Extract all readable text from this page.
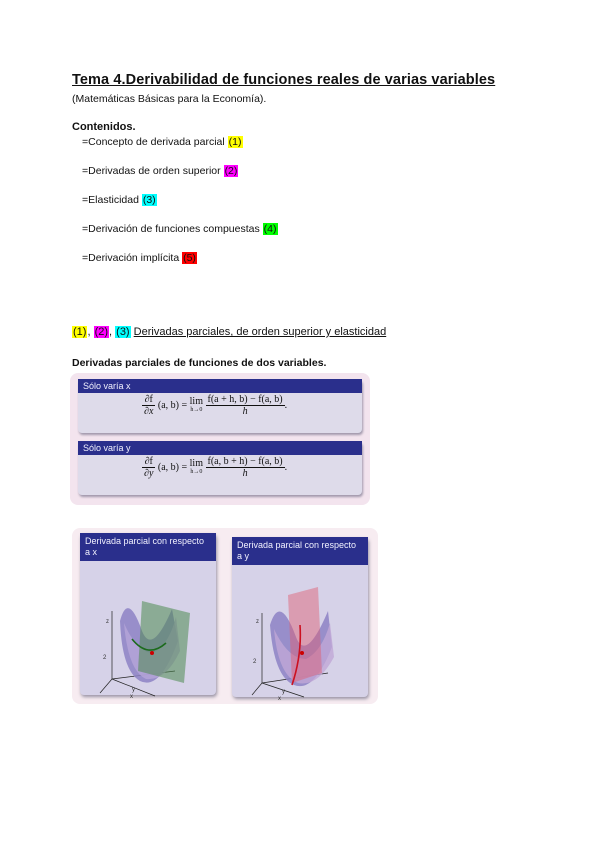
Tema 4.Derivabilidad de funciones reales de varias variables
(Matemáticas Básicas para la Economía).
Contenidos.
=Concepto de derivada parcial (1)
=Derivadas de orden superior (2)
=Elasticidad (3)
=Derivación de funciones compuestas (4)
=Derivación implícita (5)
(1), (2), (3) Derivadas parciales, de orden superior y elasticidad
Derivadas parciales de funciones de dos variables.
Sólo varía x
$\frac{\partial f}{\partial x} (a$, b) = lim
h→0
$\frac{f(a + h, b) - f(a, b)}{h}$ .
Sólo varía y
$\frac{\partial f}{\partial y} (a$, b) = lim
h→0
$\frac{f(a, b + h) - f(a, b)}{h}$ .
Derivada parcial con respecto a x
z
y
x
2
Derivada parcial con respecto a y
z
y
x
2
